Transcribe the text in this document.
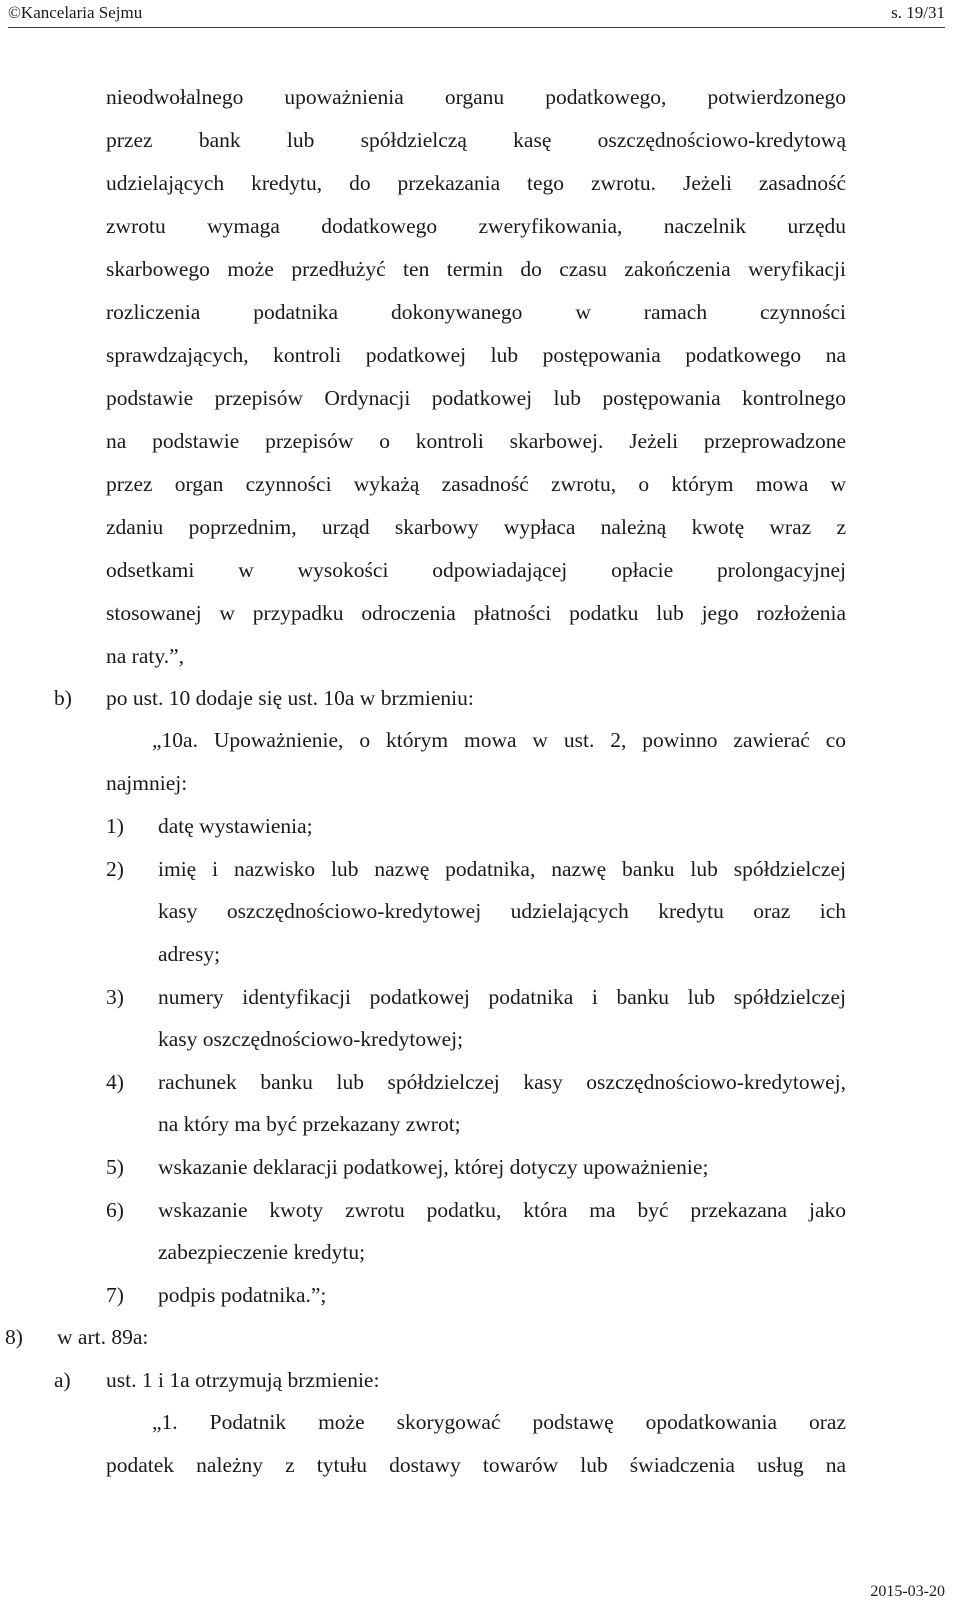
©Kancelaria Sejmu	s. 19/31
nieodwołalnego upoważnienia organu podatkowego, potwierdzonego
przez bank lub spółdzielczą kasę oszczędnościowo-kredytową
udzielających kredytu, do przekazania tego zwrotu. Jeżeli zasadność
zwrotu wymaga dodatkowego zweryfikowania, naczelnik urzędu
skarbowego może przedłużyć ten termin do czasu zakończenia weryfikacji
rozliczenia podatnika dokonywanego w ramach czynności
sprawdzających, kontroli podatkowej lub postępowania podatkowego na
podstawie przepisów Ordynacji podatkowej lub postępowania kontrolnego
na podstawie przepisów o kontroli skarbowej. Jeżeli przeprowadzone
przez organ czynności wykażą zasadność zwrotu, o którym mowa w
zdaniu poprzednim, urząd skarbowy wypłaca należną kwotę wraz z
odsetkami w wysokości odpowiadającej opłacie prolongacyjnej
stosowanej w przypadku odroczenia płatności podatku lub jego rozłożenia
na raty.”,
b) po ust. 10 dodaje się ust. 10a w brzmieniu:
„10a. Upoważnienie, o którym mowa w ust. 2, powinno zawierać co
najmniej:
1) datę wystawienia;
2) imię i nazwisko lub nazwę podatnika, nazwę banku lub spółdzielczej
kasy oszczędnościowo-kredytowej udzielających kredytu oraz ich
adresy;
3) numery identyfikacji podatkowej podatnika i banku lub spółdzielczej
kasy oszczędnościowo-kredytowej;
4) rachunek banku lub spółdzielczej kasy oszczędnościowo-kredytowej,
na który ma być przekazany zwrot;
5) wskazanie deklaracji podatkowej, której dotyczy upoważnienie;
6) wskazanie kwoty zwrotu podatku, która ma być przekazana jako
zabezpieczenie kredytu;
7) podpis podatnika.”;
8) w art. 89a:
a) ust. 1 i 1a otrzymują brzmienie:
„1. Podatnik może skorygować podstawę opodatkowania oraz
podatek należny z tytułu dostawy towarów lub świadczenia usług na
2015-03-20
